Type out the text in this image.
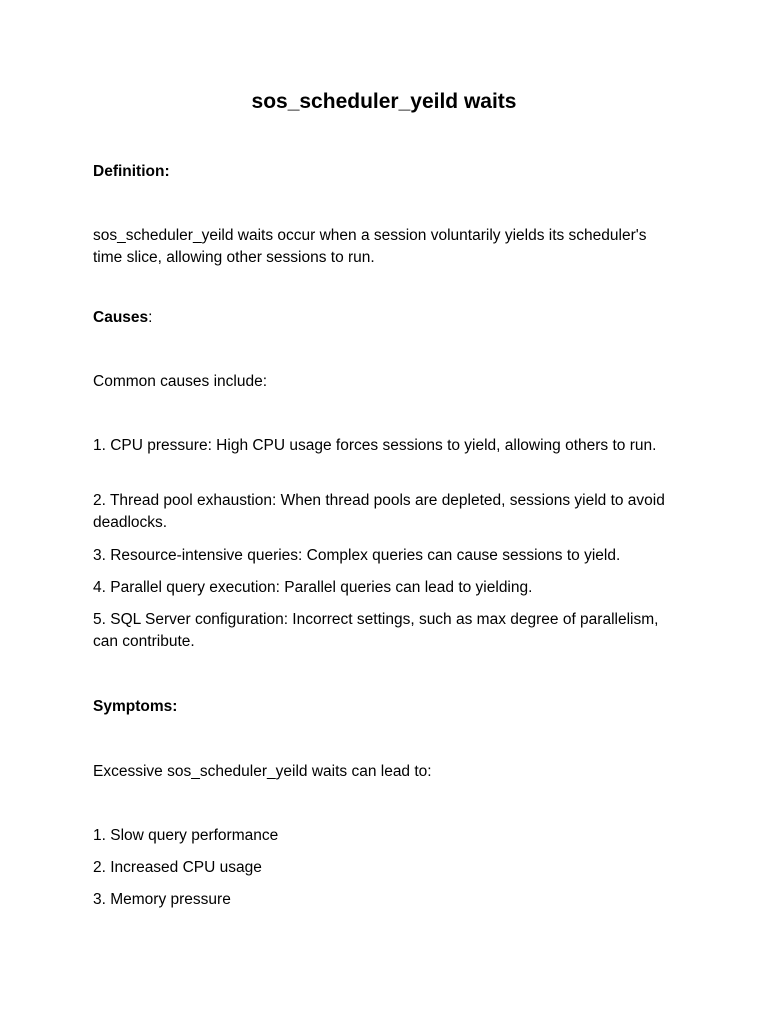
sos_scheduler_yeild waits

Definition:

sos_scheduler_yeild waits occur when a session voluntarily yields its scheduler's time slice, allowing other sessions to run.

Causes:

Common causes include:

1. CPU pressure: High CPU usage forces sessions to yield, allowing others to run.

2. Thread pool exhaustion: When thread pools are depleted, sessions yield to avoid deadlocks.

3. Resource-intensive queries: Complex queries can cause sessions to yield.

4. Parallel query execution: Parallel queries can lead to yielding.

5. SQL Server configuration: Incorrect settings, such as max degree of parallelism, can contribute.

Symptoms:

Excessive sos_scheduler_yeild waits can lead to:

1. Slow query performance

2. Increased CPU usage

3. Memory pressure
